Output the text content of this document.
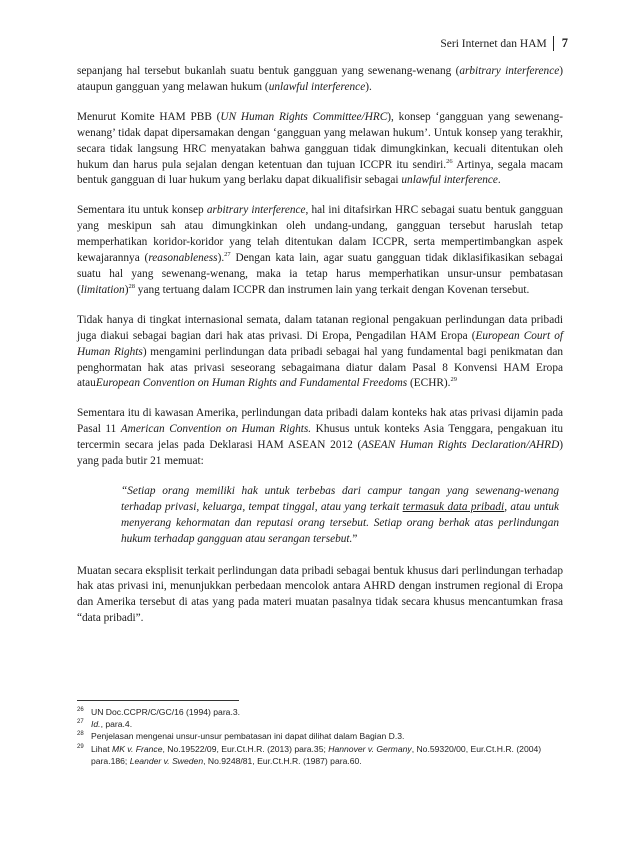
Seri Internet dan HAM 7

sepanjang hal tersebut bukanlah suatu bentuk gangguan yang sewenang-wenang (arbitrary interference) ataupun gangguan yang melawan hukum (unlawful interference).

Menurut Komite HAM PBB (UN Human Rights Committee/HRC), konsep ‘gangguan yang sewenang-wenang’ tidak dapat dipersamakan dengan ‘gangguan yang melawan hukum’. Untuk konsep yang terakhir, secara tidak langsung HRC menyatakan bahwa gangguan tidak dimungkinkan, kecuali ditentukan oleh hukum dan harus pula sejalan dengan ketentuan dan tujuan ICCPR itu sendiri.$^{26}$ Artinya, segala macam bentuk gangguan di luar hukum yang berlaku dapat dikualifisir sebagai unlawful interference.

Sementara itu untuk konsep arbitrary interference, hal ini ditafsirkan HRC sebagai suatu bentuk gangguan yang meskipun sah atau dimungkinkan oleh undang-undang, gangguan tersebut haruslah tetap memperhatikan koridor-koridor yang telah ditentukan dalam ICCPR, serta mempertimbangkan aspek kewajarannya (reasonableness).$^{27}$ Dengan kata lain, agar suatu gangguan tidak diklasifikasikan sebagai suatu hal yang sewenang-wenang, maka ia tetap harus memperhatikan unsur-unsur pembatasan (limitation)$^{28}$ yang tertuang dalam ICCPR dan instrumen lain yang terkait dengan Kovenan tersebut.

Tidak hanya di tingkat internasional semata, dalam tatanan regional pengakuan perlindungan data pribadi juga diakui sebagai bagian dari hak atas privasi. Di Eropa, Pengadilan HAM Eropa (European Court of Human Rights) mengamini perlindungan data pribadi sebagai hal yang fundamental bagi penikmatan dan penghormatan hak atas privasi seseorang sebagaimana diatur dalam Pasal 8 Konvensi HAM Eropa atauEuropean Convention on Human Rights and Fundamental Freedoms (ECHR).$^{29}$

Sementara itu di kawasan Amerika, perlindungan data pribadi dalam konteks hak atas privasi dijamin pada Pasal 11 American Convention on Human Rights. Khusus untuk konteks Asia Tenggara, pengakuan itu tercermin secara jelas pada Deklarasi HAM ASEAN 2012 (ASEAN Human Rights Declaration/AHRD) yang pada butir 21 memuat:

“Setiap orang memiliki hak untuk terbebas dari campur tangan yang sewenang-wenang terhadap privasi, keluarga, tempat tinggal, atau yang terkait termasuk data pribadi, atau untuk menyerang kehormatan dan reputasi orang tersebut. Setiap orang berhak atas perlindungan hukum terhadap gangguan atau serangan tersebut.”

Muatan secara eksplisit terkait perlindungan data pribadi sebagai bentuk khusus dari perlindungan terhadap hak atas privasi ini, menunjukkan perbedaan mencolok antara AHRD dengan instrumen regional di Eropa dan Amerika tersebut di atas yang pada materi muatan pasalnya tidak secara khusus mencantumkan frasa “data pribadi”.

$^{26}$ UN Doc.CCPR/C/GC/16 (1994) para.3.
$^{27}$ Id., para.4.
$^{28}$ Penjelasan mengenai unsur-unsur pembatasan ini dapat dilihat dalam Bagian D.3.
$^{29}$ Lihat MK v. France, No.19522/09, Eur.Ct.H.R. (2013) para.35; Hannover v. Germany, No.59320/00, Eur.Ct.H.R. (2004) para.186; Leander v. Sweden, No.9248/81, Eur.Ct.H.R. (1987) para.60.
